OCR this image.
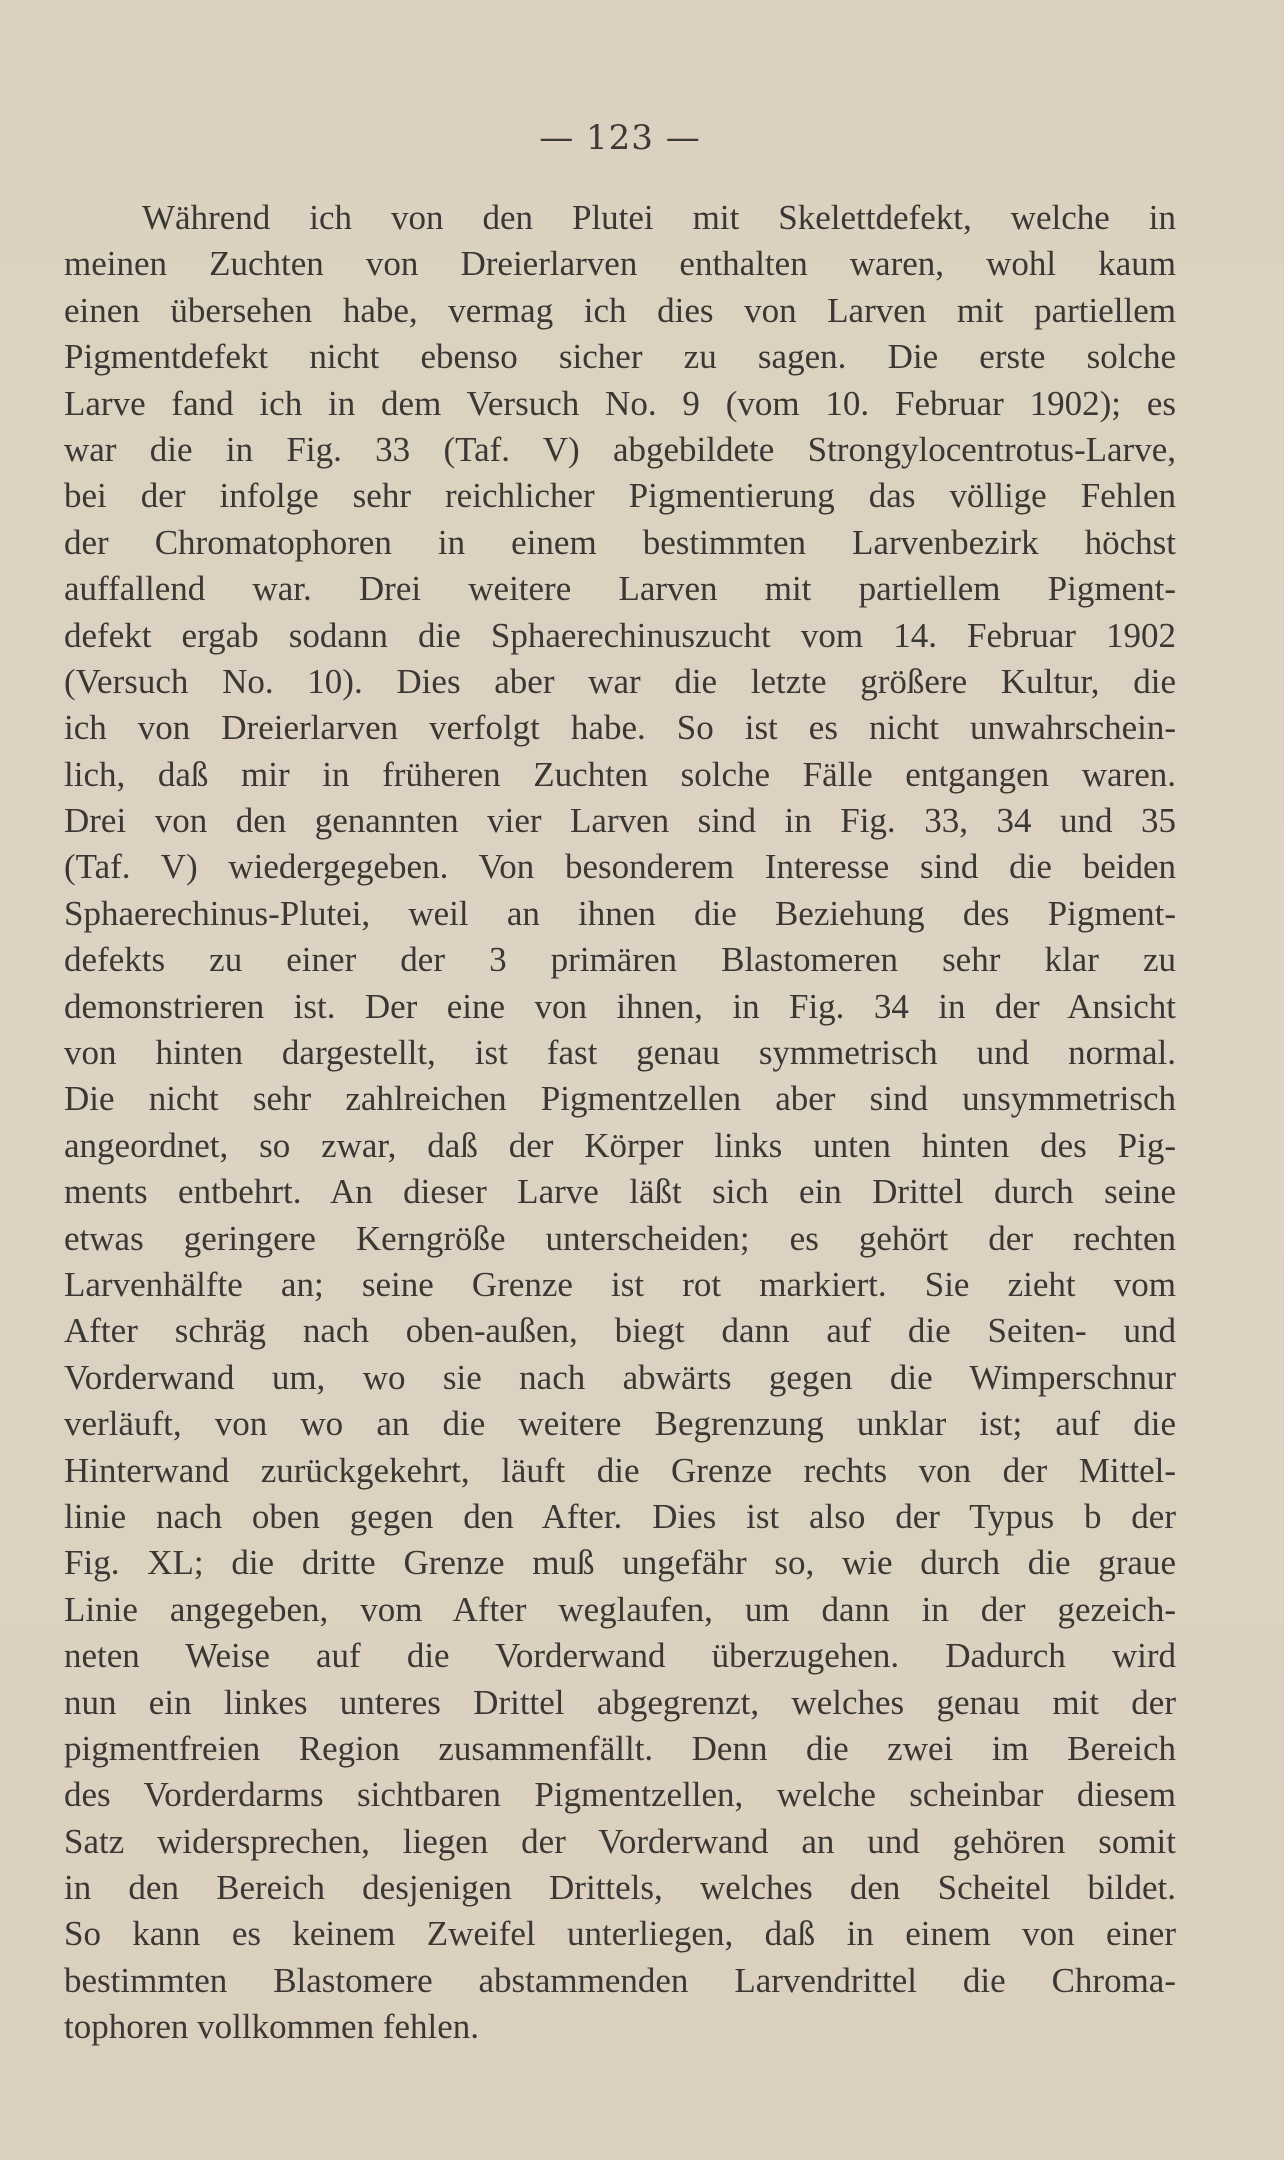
— 123 —
Während ich von den Plutei mit Skelettdefekt, welche in
meinen Zuchten von Dreierlarven enthalten waren, wohl kaum
einen übersehen habe, vermag ich dies von Larven mit partiellem
Pigmentdefekt nicht ebenso sicher zu sagen. Die erste solche
Larve fand ich in dem Versuch No. 9 (vom 10. Februar 1902); es
war die in Fig. 33 (Taf. V) abgebildete Strongylocentrotus-Larve,
bei der infolge sehr reichlicher Pigmentierung das völlige Fehlen
der Chromatophoren in einem bestimmten Larvenbezirk höchst
auffallend war. Drei weitere Larven mit partiellem Pigment-
defekt ergab sodann die Sphaerechinuszucht vom 14. Februar 1902
(Versuch No. 10). Dies aber war die letzte größere Kultur, die
ich von Dreierlarven verfolgt habe. So ist es nicht unwahrschein-
lich, daß mir in früheren Zuchten solche Fälle entgangen waren.
Drei von den genannten vier Larven sind in Fig. 33, 34 und 35
(Taf. V) wiedergegeben. Von besonderem Interesse sind die beiden
Sphaerechinus-Plutei, weil an ihnen die Beziehung des Pigment-
defekts zu einer der 3 primären Blastomeren sehr klar zu
demonstrieren ist. Der eine von ihnen, in Fig. 34 in der Ansicht
von hinten dargestellt, ist fast genau symmetrisch und normal.
Die nicht sehr zahlreichen Pigmentzellen aber sind unsymmetrisch
angeordnet, so zwar, daß der Körper links unten hinten des Pig-
ments entbehrt. An dieser Larve läßt sich ein Drittel durch seine
etwas geringere Kerngröße unterscheiden; es gehört der rechten
Larvenhälfte an; seine Grenze ist rot markiert. Sie zieht vom
After schräg nach oben-außen, biegt dann auf die Seiten- und
Vorderwand um, wo sie nach abwärts gegen die Wimperschnur
verläuft, von wo an die weitere Begrenzung unklar ist; auf die
Hinterwand zurückgekehrt, läuft die Grenze rechts von der Mittel-
linie nach oben gegen den After. Dies ist also der Typus b der
Fig. XL; die dritte Grenze muß ungefähr so, wie durch die graue
Linie angegeben, vom After weglaufen, um dann in der gezeich-
neten Weise auf die Vorderwand überzugehen. Dadurch wird
nun ein linkes unteres Drittel abgegrenzt, welches genau mit der
pigmentfreien Region zusammenfällt. Denn die zwei im Bereich
des Vorderdarms sichtbaren Pigmentzellen, welche scheinbar diesem
Satz widersprechen, liegen der Vorderwand an und gehören somit
in den Bereich desjenigen Drittels, welches den Scheitel bildet.
So kann es keinem Zweifel unterliegen, daß in einem von einer
bestimmten Blastomere abstammenden Larvendrittel die Chroma-
tophoren vollkommen fehlen.
